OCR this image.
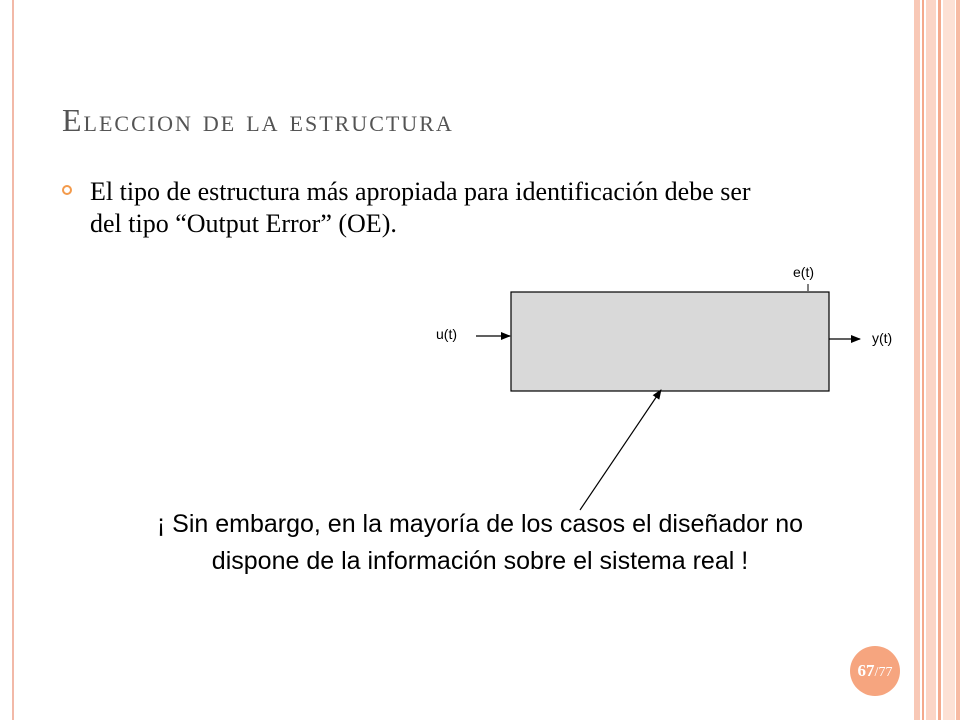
Eleccion de la estructura

El tipo de estructura más apropiada para identificación debe ser del tipo “Output Error” (OE).

u(t)	y(t)
e(t)

¡ Sin embargo, en la mayoría de los casos el diseñador no dispone de la información sobre el sistema real !

67/77
